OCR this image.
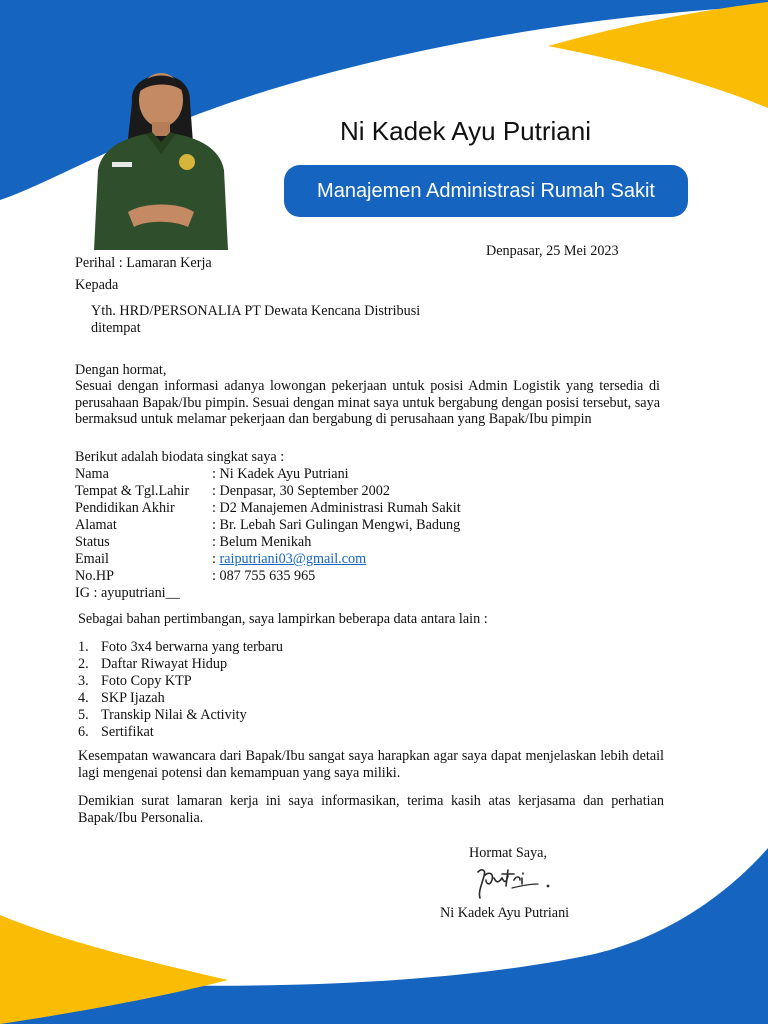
Ni Kadek Ayu Putriani
Manajemen Administrasi Rumah Sakit
Denpasar, 25 Mei 2023
Perihal : Lamaran Kerja
Kepada
Yth. HRD/PERSONALIA PT Dewata Kencana Distribusi
ditempat
Dengan hormat,
Sesuai dengan informasi adanya lowongan pekerjaan untuk posisi Admin Logistik yang tersedia di perusahaan Bapak/Ibu pimpin. Sesuai dengan minat saya untuk bergabung dengan posisi tersebut, saya bermaksud untuk melamar pekerjaan dan bergabung di perusahaan yang Bapak/Ibu pimpin
Berikut adalah biodata singkat saya :
Nama	: Ni Kadek Ayu Putriani
Tempat & Tgl.Lahir : Denpasar, 30 September 2002
Pendidikan Akhir	: D2 Manajemen Administrasi Rumah Sakit
Alamat	: Br. Lebah Sari Gulingan Mengwi, Badung
Status	: Belum Menikah
Email	: raiputriani03@gmail.com
No.HP	: 087 755 635 965
IG : ayuputriani__
Sebagai bahan pertimbangan, saya lampirkan beberapa data antara lain :
1. Foto 3x4 berwarna yang terbaru
2. Daftar Riwayat Hidup
3. Foto Copy KTP
4. SKP Ijazah
5. Transkip Nilai & Activity
6. Sertifikat
Kesempatan wawancara dari Bapak/Ibu sangat saya harapkan agar saya dapat menjelaskan lebih detail lagi mengenai potensi dan kemampuan yang saya miliki.
Demikian surat lamaran kerja ini saya informasikan, terima kasih atas kerjasama dan perhatian Bapak/Ibu Personalia.
Hormat Saya,
Ni Kadek Ayu Putriani
